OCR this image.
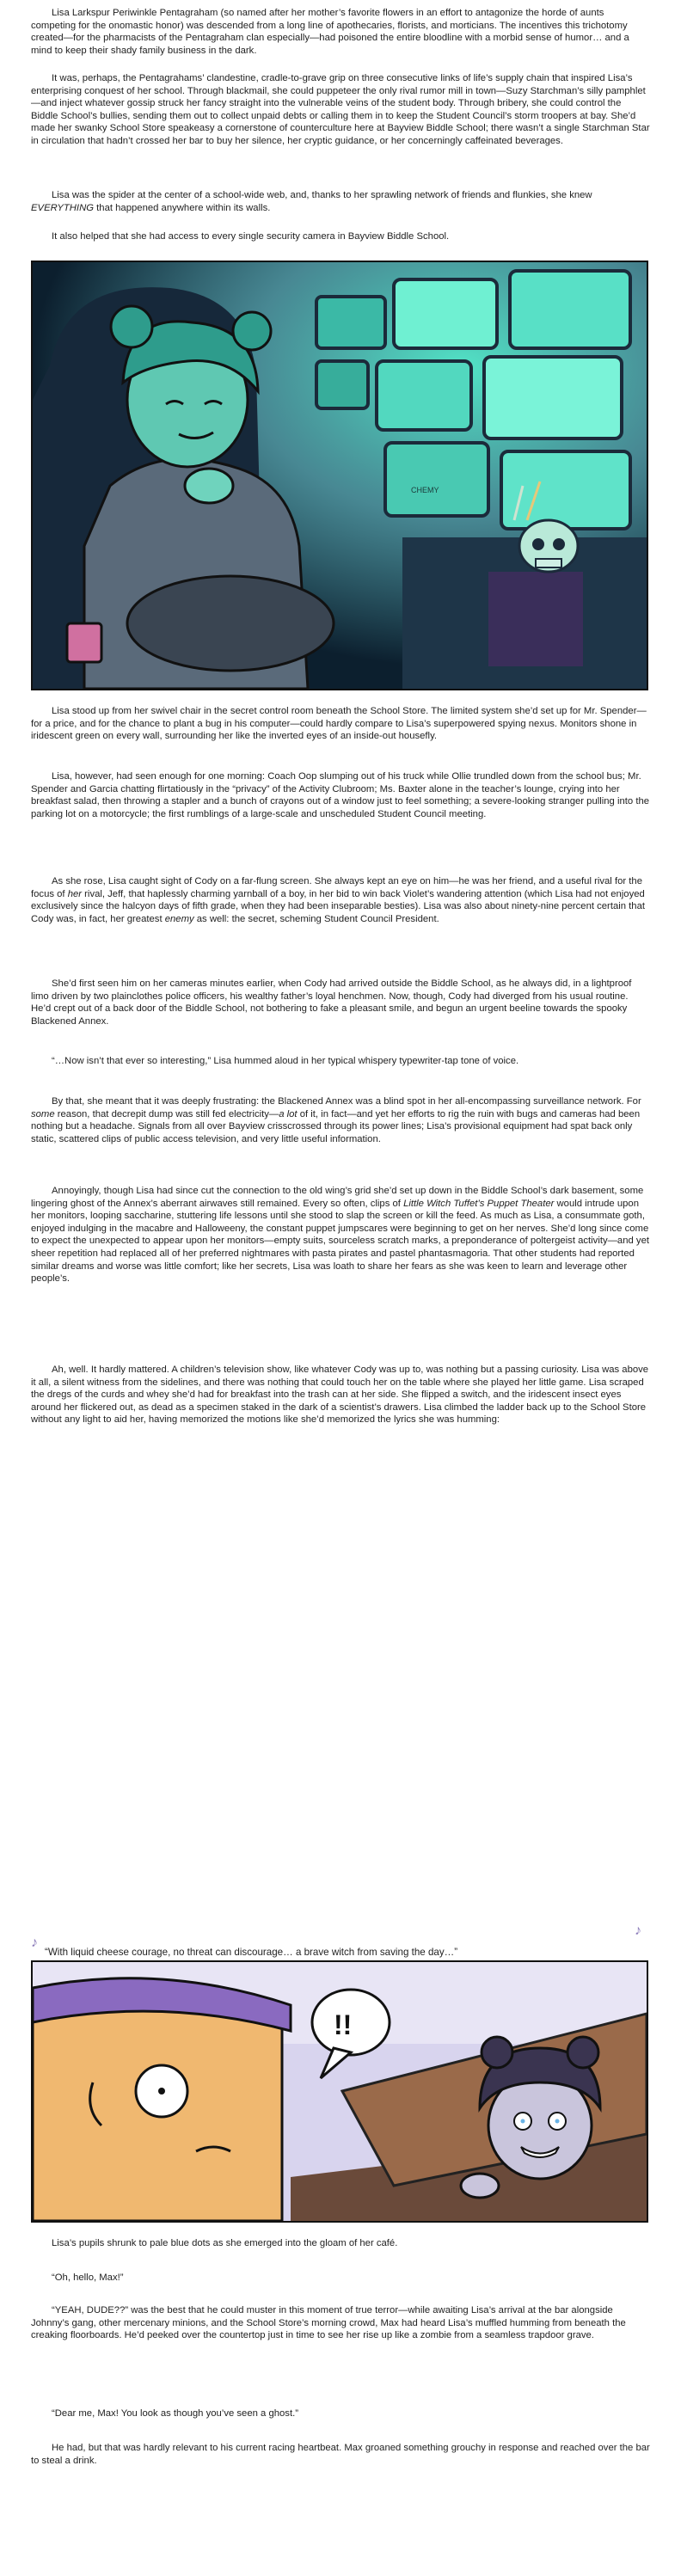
Lisa Larkspur Periwinkle Pentagraham (so named after her mother’s favorite flowers in an effort to antagonize the horde of aunts competing for the onomastic honor) was descended from a long line of apothecaries, florists, and morticians. The incentives this trichotomy created—for the pharmacists of the Pentagraham clan especially—had poisoned the entire bloodline with a morbid sense of humor… and a mind to keep their shady family business in the dark.

It was, perhaps, the Pentagrahams’ clandestine, cradle-to-grave grip on three consecutive links of life’s supply chain that inspired Lisa’s enterprising conquest of her school. Through blackmail, she could puppeteer the only rival rumor mill in town—Suzy Starchman’s silly pamphlet—and inject whatever gossip struck her fancy straight into the vulnerable veins of the student body. Through bribery, she could control the Biddle School’s bullies, sending them out to collect unpaid debts or calling them in to keep the Student Council’s storm troopers at bay. She’d made her swanky School Store speakeasy a cornerstone of counterculture here at Bayview Biddle School; there wasn’t a single Starchman Star in circulation that hadn’t crossed her bar to buy her silence, her cryptic guidance, or her concerningly caffeinated beverages.

Lisa was the spider at the center of a school-wide web, and, thanks to her sprawling network of friends and flunkies, she knew EVERYTHING that happened anywhere within its walls.

It also helped that she had access to every single security camera in Bayview Biddle School.

CHEMY

Lisa stood up from her swivel chair in the secret control room beneath the School Store. The limited system she’d set up for Mr. Spender—for a price, and for the chance to plant a bug in his computer—could hardly compare to Lisa’s superpowered spying nexus. Monitors shone in iridescent green on every wall, surrounding her like the inverted eyes of an inside-out housefly.

Lisa, however, had seen enough for one morning: Coach Oop slumping out of his truck while Ollie trundled down from the school bus; Mr. Spender and Garcia chatting flirtatiously in the “privacy” of the Activity Clubroom; Ms. Baxter alone in the teacher’s lounge, crying into her breakfast salad, then throwing a stapler and a bunch of crayons out of a window just to feel something; a severe-looking stranger pulling into the parking lot on a motorcycle; the first rumblings of a large-scale and unscheduled Student Council meeting.

As she rose, Lisa caught sight of Cody on a far-flung screen. She always kept an eye on him—he was her friend, and a useful rival for the focus of her rival, Jeff, that haplessly charming yarnball of a boy, in her bid to win back Violet’s wandering attention (which Lisa had not enjoyed exclusively since the halcyon days of fifth grade, when they had been inseparable besties). Lisa was also about ninety-nine percent certain that Cody was, in fact, her greatest enemy as well: the secret, scheming Student Council President.

She’d first seen him on her cameras minutes earlier, when Cody had arrived outside the Biddle School, as he always did, in a lightproof limo driven by two plainclothes police officers, his wealthy father’s loyal henchmen. Now, though, Cody had diverged from his usual routine. He’d crept out of a back door of the Biddle School, not bothering to fake a pleasant smile, and begun an urgent beeline towards the spooky Blackened Annex.

“…Now isn’t that ever so interesting,” Lisa hummed aloud in her typical whispery typewriter-tap tone of voice.

By that, she meant that it was deeply frustrating: the Blackened Annex was a blind spot in her all-encompassing surveillance network. For some reason, that decrepit dump was still fed electricity—a lot of it, in fact—and yet her efforts to rig the ruin with bugs and cameras had been nothing but a headache. Signals from all over Bayview crisscrossed through its power lines; Lisa’s provisional equipment had spat back only static, scattered clips of public access television, and very little useful information.

Annoyingly, though Lisa had since cut the connection to the old wing’s grid she’d set up down in the Biddle School’s dark basement, some lingering ghost of the Annex’s aberrant airwaves still remained. Every so often, clips of Little Witch Tuffet’s Puppet Theater would intrude upon her monitors, looping saccharine, stuttering life lessons until she stood to slap the screen or kill the feed. As much as Lisa, a consummate goth, enjoyed indulging in the macabre and Halloweeny, the constant puppet jumpscares were beginning to get on her nerves. She’d long since come to expect the unexpected to appear upon her monitors—empty suits, sourceless scratch marks, a preponderance of poltergeist activity—and yet sheer repetition had replaced all of her preferred nightmares with pasta pirates and pastel phantasmagoria. That other students had reported similar dreams and worse was little comfort; like her secrets, Lisa was loath to share her fears as she was keen to learn and leverage other people’s.

Ah, well. It hardly mattered. A children’s television show, like whatever Cody was up to, was nothing but a passing curiosity. Lisa was above it all, a silent witness from the sidelines, and there was nothing that could touch her on the table where she played her little game. Lisa scraped the dregs of the curds and whey she’d had for breakfast into the trash can at her side. She flipped a switch, and the iridescent insect eyes around her flickered out, as dead as a specimen staked in the dark of a scientist’s drawers. Lisa climbed the ladder back up to the School Store without any light to aid her, having memorized the motions like she’d memorized the lyrics she was humming:

♪

“With liquid cheese courage, no threat can discourage… a brave witch from saving the day…”

♪
!!

Lisa’s pupils shrunk to pale blue dots as she emerged into the gloam of her café.

“Oh, hello, Max!”

“YEAH, DUDE??” was the best that he could muster in this moment of true terror—while awaiting Lisa’s arrival at the bar alongside Johnny’s gang, other mercenary minions, and the School Store’s morning crowd, Max had heard Lisa’s muffled humming from beneath the creaking floorboards. He’d peeked over the countertop just in time to see her rise up like a zombie from a seamless trapdoor grave.

“Dear me, Max! You look as though you’ve seen a ghost.”

He had, but that was hardly relevant to his current racing heartbeat. Max groaned something grouchy in response and reached over the bar to steal a drink.
